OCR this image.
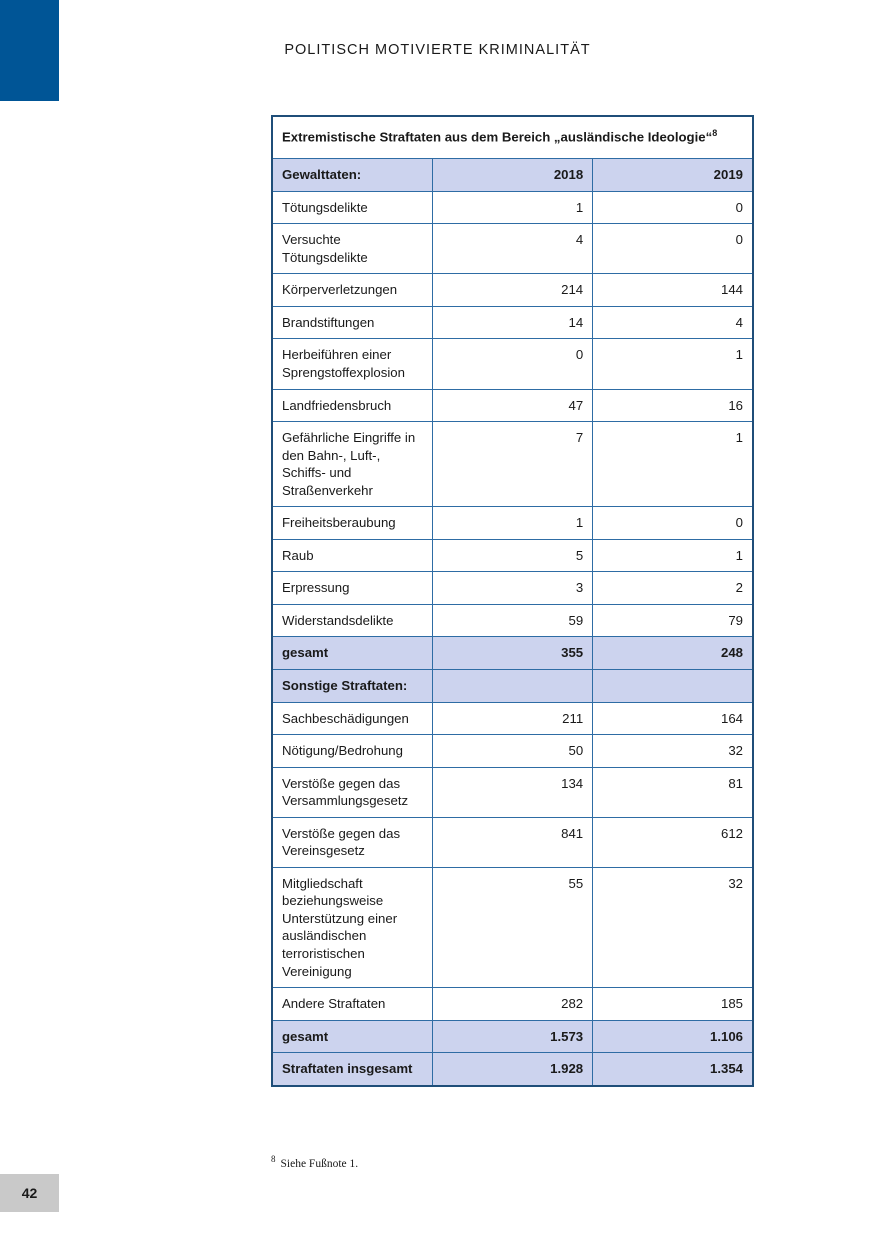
POLITISCH MOTIVIERTE KRIMINALITÄT
Extremistische Straftaten aus dem Bereich „ausländische Ideologie“$^8$
Gewalttaten:	2018	2019
Tötungsdelikte	1	0
Versuchte Tötungsdelikte	4	0
Körperverletzungen	214	144
Brandstiftungen	14	4
Herbeiführen einer Sprengstoffexplosion	0	1
Landfriedensbruch	47	16
Gefährliche Eingriffe in den Bahn-, Luft-, Schiffs- und Straßenverkehr	7	1
Freiheitsberaubung	1	0
Raub	5	1
Erpressung	3	2
Widerstandsdelikte	59	79
gesamt	355	248
Sonstige Straftaten:		
Sachbeschädigungen	211	164
Nötigung/Bedrohung	50	32
Verstöße gegen das Versammlungsgesetz	134	81
Verstöße gegen das Vereinsgesetz	841	612
Mitgliedschaft beziehungsweise Unterstützung einer ausländischen terroristischen Vereinigung	55	32
Andere Straftaten	282	185
gesamt	1.573	1.106
Straftaten insgesamt	1.928	1.354
$^8$ Siehe Fußnote 1.
42
